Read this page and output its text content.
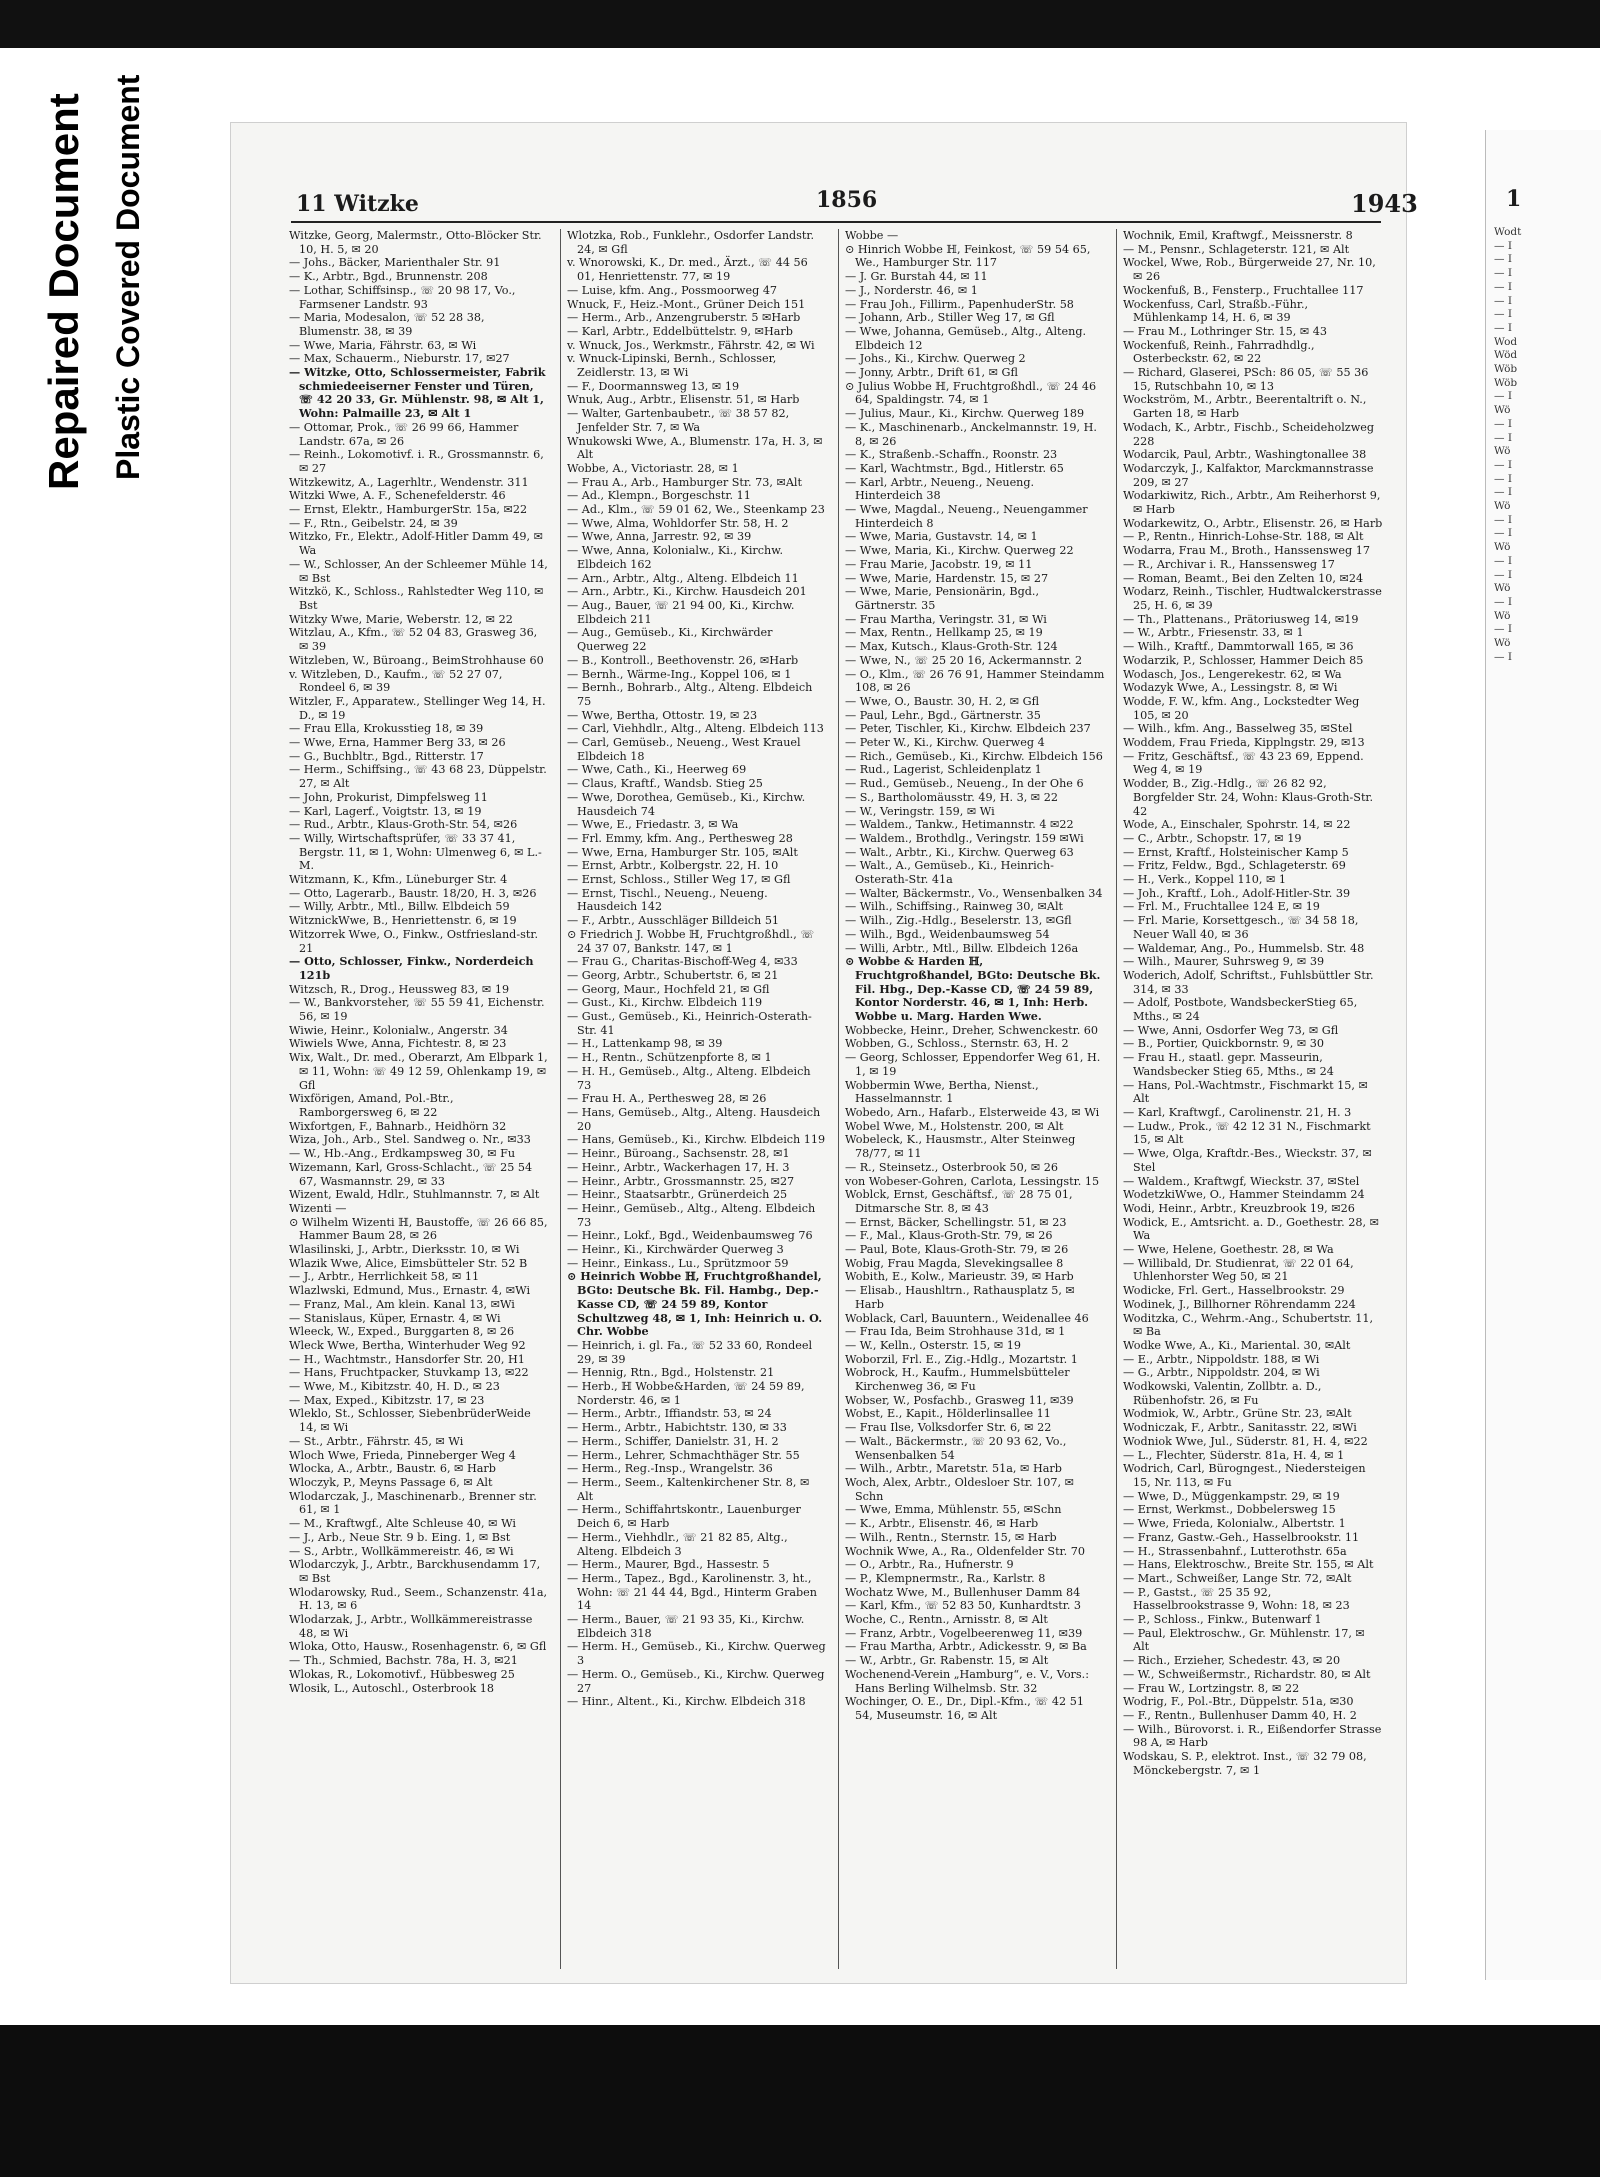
Repaired Document Plastic Covered Document	11 Witzke	1856	1943

Witzke, Georg, Malermstr., Otto-Blöcker Str. 10, H. 5, ✉ 20

— Johs., Bäcker, Marienthaler Str. 91

— K., Arbtr., Bgd., Brunnenstr. 208

— Lothar, Schiffsinsp., ☏ 20 98 17, Vo., Farmsener Landstr. 93

— Maria, Modesalon, ☏ 52 28 38, Blumenstr. 38, ✉ 39

— Wwe, Maria, Fährstr. 63, ✉ Wi

— Max, Schauerm., Nieburstr. 17, ✉27

— Witzke, Otto, Schlossermeister, Fabrik schmiedeeiserner Fenster und Türen, ☏ 42 20 33, Gr. Mühlenstr. 98, ✉ Alt 1, Wohn: Palmaille 23, ✉ Alt 1

— Ottomar, Prok., ☏ 26 99 66, Hammer Landstr. 67a, ✉ 26

— Reinh., Lokomotivf. i. R., Grossmannstr. 6, ✉ 27

Witzkewitz, A., Lagerhltr., Wendenstr. 311

Witzki Wwe, A. F., Schenefelderstr. 46

— Ernst, Elektr., HamburgerStr. 15a, ✉22

— F., Rtn., Geibelstr. 24, ✉ 39

Witzko, Fr., Elektr., Adolf-Hitler Damm 49, ✉ Wa

— W., Schlosser, An der Schleemer Mühle 14, ✉ Bst

Witzkö, K., Schloss., Rahlstedter Weg 110, ✉ Bst

Witzky Wwe, Marie, Weberstr. 12, ✉ 22

Witzlau, A., Kfm., ☏ 52 04 83, Grasweg 36, ✉ 39

Witzleben, W., Büroang., BeimStrohhause 60

v. Witzleben, D., Kaufm., ☏ 52 27 07, Rondeel 6, ✉ 39

Witzler, F., Apparatew., Stellinger Weg 14, H. D., ✉ 19

— Frau Ella, Krokusstieg 18, ✉ 39

— Wwe, Erna, Hammer Berg 33, ✉ 26

— G., Buchbltr., Bgd., Ritterstr. 17

— Herm., Schiffsing., ☏ 43 68 23, Düppelstr. 27, ✉ Alt

— John, Prokurist, Dimpfelsweg 11

— Karl, Lagerf., Voigtstr. 13, ✉ 19

— Rud., Arbtr., Klaus-Groth-Str. 54, ✉26

— Willy, Wirtschaftsprüfer, ☏ 33 37 41, Bergstr. 11, ✉ 1, Wohn: Ulmenweg 6, ✉ L.-M.

Witzmann, K., Kfm., Lüneburger Str. 4

— Otto, Lagerarb., Baustr. 18/20, H. 3, ✉26

— Willy, Arbtr., Mtl., Billw. Elbdeich 59

WitznickWwe, B., Henriettenstr. 6, ✉ 19

Witzorrek Wwe, O., Finkw., Ostfriesland-str. 21

— Otto, Schlosser, Finkw., Norderdeich 121b

Witzsch, R., Drog., Heussweg 83, ✉ 19

— W., Bankvorsteher, ☏ 55 59 41, Eichenstr. 56, ✉ 19

Wiwie, Heinr., Kolonialw., Angerstr. 34

Wiwiels Wwe, Anna, Fichtestr. 8, ✉ 23

Wix, Walt., Dr. med., Oberarzt, Am Elbpark 1, ✉ 11, Wohn: ☏ 49 12 59, Ohlenkamp 19, ✉ Gfl

Wixförigen, Amand, Pol.-Btr., Ramborgersweg 6, ✉ 22

Wixfortgen, F., Bahnarb., Heidhörn 32

Wiza, Joh., Arb., Stel. Sandweg o. Nr., ✉33

— W., Hb.-Ang., Erdkampsweg 30, ✉ Fu

Wizemann, Karl, Gross-Schlacht., ☏ 25 54 67, Wasmannstr. 29, ✉ 33

Wizent, Ewald, Hdlr., Stuhlmannstr. 7, ✉ Alt

Wizenti —

⊙ Wilhelm Wizenti ℍ, Baustoffe, ☏ 26 66 85, Hammer Baum 28, ✉ 26

Wlasilinski, J., Arbtr., Dierksstr. 10, ✉ Wi

Wlazik Wwe, Alice, Eimsbütteler Str. 52 B

— J., Arbtr., Herrlichkeit 58, ✉ 11

Wlazlwski, Edmund, Mus., Ernastr. 4, ✉Wi

— Franz, Mal., Am klein. Kanal 13, ✉Wi

— Stanislaus, Küper, Ernastr. 4, ✉ Wi

Wleeck, W., Exped., Burggarten 8, ✉ 26

Wleck Wwe, Bertha, Winterhuder Weg 92

— H., Wachtmstr., Hansdorfer Str. 20, H1

— Hans, Fruchtpacker, Stuvkamp 13, ✉22

— Wwe, M., Kibitzstr. 40, H. D., ✉ 23

— Max, Exped., Kibitzstr. 17, ✉ 23

Wleklo, St., Schlosser, SiebenbrüderWeide 14, ✉ Wi

— St., Arbtr., Fährstr. 45, ✉ Wi

Wloch Wwe, Frieda, Pinneberger Weg 4

Wlocka, A., Arbtr., Baustr. 6, ✉ Harb

Wloczyk, P., Meyns Passage 6, ✉ Alt

Wlodarczak, J., Maschinenarb., Brenner str. 61, ✉ 1

— M., Kraftwgf., Alte Schleuse 40, ✉ Wi

— J., Arb., Neue Str. 9 b. Eing. 1, ✉ Bst

— S., Arbtr., Wollkämmereistr. 46, ✉ Wi

Wlodarczyk, J., Arbtr., Barckhusendamm 17, ✉ Bst

Wlodarowsky, Rud., Seem., Schanzenstr. 41a, H. 13, ✉ 6

Wlodarzak, J., Arbtr., Wollkämmereistrasse 48, ✉ Wi

Wloka, Otto, Hausw., Rosenhagenstr. 6, ✉ Gfl

— Th., Schmied, Bachstr. 78a, H. 3, ✉21

Wlokas, R., Lokomotivf., Hübbesweg 25

Wlosik, L., Autoschl., Osterbrook 18

Wlotzka, Rob., Funklehr., Osdorfer Landstr. 24, ✉ Gfl

v. Wnorowski, K., Dr. med., Ärzt., ☏ 44 56 01, Henriettenstr. 77, ✉ 19

— Luise, kfm. Ang., Possmoorweg 47

Wnuck, F., Heiz.-Mont., Grüner Deich 151

— Herm., Arb., Anzengruberstr. 5 ✉Harb

— Karl, Arbtr., Eddelbüttelstr. 9, ✉Harb

v. Wnuck, Jos., Werkmstr., Fährstr. 42, ✉ Wi

v. Wnuck-Lipinski, Bernh., Schlosser, Zeidlerstr. 13, ✉ Wi

— F., Doormannsweg 13, ✉ 19

Wnuk, Aug., Arbtr., Elisenstr. 51, ✉ Harb

— Walter, Gartenbaubetr., ☏ 38 57 82, Jenfelder Str. 7, ✉ Wa

Wnukowski Wwe, A., Blumenstr. 17a, H. 3, ✉ Alt

Wobbe, A., Victoriastr. 28, ✉ 1

— Frau A., Arb., Hamburger Str. 73, ✉Alt

— Ad., Klempn., Borgeschstr. 11

— Ad., Klm., ☏ 59 01 62, We., Steenkamp 23

— Wwe, Alma, Wohldorfer Str. 58, H. 2

— Wwe, Anna, Jarrestr. 92, ✉ 39

— Wwe, Anna, Kolonialw., Ki., Kirchw. Elbdeich 162

— Arn., Arbtr., Altg., Alteng. Elbdeich 11

— Arn., Arbtr., Ki., Kirchw. Hausdeich 201

— Aug., Bauer, ☏ 21 94 00, Ki., Kirchw. Elbdeich 211

— Aug., Gemüseb., Ki., Kirchwärder Querweg 22

— B., Kontroll., Beethovenstr. 26, ✉Harb

— Bernh., Wärme-Ing., Koppel 106, ✉ 1

— Bernh., Bohrarb., Altg., Alteng. Elbdeich 75

— Wwe, Bertha, Ottostr. 19, ✉ 23

— Carl, Viehhdlr., Altg., Alteng. Elbdeich 113

— Carl, Gemüseb., Neueng., West Krauel Elbdeich 18

— Wwe, Cath., Ki., Heerweg 69

— Claus, Kraftf., Wandsb. Stieg 25

— Wwe, Dorothea, Gemüseb., Ki., Kirchw. Hausdeich 74

— Wwe, E., Friedastr. 3, ✉ Wa

— Frl. Emmy, kfm. Ang., Perthesweg 28

— Wwe, Erna, Hamburger Str. 105, ✉Alt

— Ernst, Arbtr., Kolbergstr. 22, H. 10

— Ernst, Schloss., Stiller Weg 17, ✉ Gfl

— Ernst, Tischl., Neueng., Neueng. Hausdeich 142

— F., Arbtr., Ausschläger Billdeich 51

⊙ Friedrich J. Wobbe ℍ, Fruchtgroßhdl., ☏ 24 37 07, Bankstr. 147, ✉ 1

— Frau G., Charitas-Bischoff-Weg 4, ✉33

— Georg, Arbtr., Schubertstr. 6, ✉ 21

— Georg, Maur., Hochfeld 21, ✉ Gfl

— Gust., Ki., Kirchw. Elbdeich 119

— Gust., Gemüseb., Ki., Heinrich-Osterath-Str. 41

— H., Lattenkamp 98, ✉ 39

— H., Rentn., Schützenpforte 8, ✉ 1

— H. H., Gemüseb., Altg., Alteng. Elbdeich 73

— Frau H. A., Perthesweg 28, ✉ 26

— Hans, Gemüseb., Altg., Alteng. Hausdeich 20

— Hans, Gemüseb., Ki., Kirchw. Elbdeich 119

— Heinr., Büroang., Sachsenstr. 28, ✉1

— Heinr., Arbtr., Wackerhagen 17, H. 3

— Heinr., Arbtr., Grossmannstr. 25, ✉27

— Heinr., Staatsarbtr., Grünerdeich 25

— Heinr., Gemüseb., Altg., Alteng. Elbdeich 73

— Heinr., Lokf., Bgd., Weidenbaumsweg 76

— Heinr., Ki., Kirchwärder Querweg 3

— Heinr., Einkass., Lu., Sprützmoor 59

⊙ Heinrich Wobbe ℍ, Fruchtgroßhandel, BGto: Deutsche Bk. Fil. Hambg., Dep.-Kasse CD, ☏ 24 59 89, Kontor Schultzweg 48, ✉ 1, Inh: Heinrich u. O. Chr. Wobbe

— Heinrich, i. gl. Fa., ☏ 52 33 60, Rondeel 29, ✉ 39

— Hennig, Rtn., Bgd., Holstenstr. 21

— Herb., ℍ Wobbe&Harden, ☏ 24 59 89, Norderstr. 46, ✉ 1

— Herm., Arbtr., Iffiandstr. 53, ✉ 24

— Herm., Arbtr., Habichtstr. 130, ✉ 33

— Herm., Schiffer, Danielstr. 31, H. 2

— Herm., Lehrer, Schmachthäger Str. 55

— Herm., Reg.-Insp., Wrangelstr. 36

— Herm., Seem., Kaltenkirchener Str. 8, ✉ Alt

— Herm., Schiffahrtskontr., Lauenburger Deich 6, ✉ Harb

— Herm., Viehhdlr., ☏ 21 82 85, Altg., Alteng. Elbdeich 3

— Herm., Maurer, Bgd., Hassestr. 5

— Herm., Tapez., Bgd., Karolinenstr. 3, ht., Wohn: ☏ 21 44 44, Bgd., Hinterm Graben 14

— Herm., Bauer, ☏ 21 93 35, Ki., Kirchw. Elbdeich 318

— Herm. H., Gemüseb., Ki., Kirchw. Querweg 3

— Herm. O., Gemüseb., Ki., Kirchw. Querweg 27

— Hinr., Altent., Ki., Kirchw. Elbdeich 318

Wobbe —

⊙ Hinrich Wobbe ℍ, Feinkost, ☏ 59 54 65, We., Hamburger Str. 117

— J. Gr. Burstah 44, ✉ 11

— J., Norderstr. 46, ✉ 1

— Frau Joh., Fillirm., PapenhuderStr. 58

— Johann, Arb., Stiller Weg 17, ✉ Gfl

— Wwe, Johanna, Gemüseb., Altg., Alteng. Elbdeich 12

— Johs., Ki., Kirchw. Querweg 2

— Jonny, Arbtr., Drift 61, ✉ Gfl

⊙ Julius Wobbe ℍ, Fruchtgroßhdl., ☏ 24 46 64, Spaldingstr. 74, ✉ 1

— Julius, Maur., Ki., Kirchw. Querweg 189

— K., Maschinenarb., Anckelmannstr. 19, H. 8, ✉ 26

— K., Straßenb.-Schaffn., Roonstr. 23

— Karl, Wachtmstr., Bgd., Hitlerstr. 65

— Karl, Arbtr., Neueng., Neueng. Hinterdeich 38

— Wwe, Magdal., Neueng., Neuengammer Hinterdeich 8

— Wwe, Maria, Gustavstr. 14, ✉ 1

— Wwe, Maria, Ki., Kirchw. Querweg 22

— Frau Marie, Jacobstr. 19, ✉ 11

— Wwe, Marie, Hardenstr. 15, ✉ 27

— Wwe, Marie, Pensionärin, Bgd., Gärtnerstr. 35

— Frau Martha, Veringstr. 31, ✉ Wi

— Max, Rentn., Hellkamp 25, ✉ 19

— Max, Kutsch., Klaus-Groth-Str. 124

— Wwe, N., ☏ 25 20 16, Ackermannstr. 2

— O., Klm., ☏ 26 76 91, Hammer Steindamm 108, ✉ 26

— Wwe, O., Baustr. 30, H. 2, ✉ Gfl

— Paul, Lehr., Bgd., Gärtnerstr. 35

— Peter, Tischler, Ki., Kirchw. Elbdeich 237

— Peter W., Ki., Kirchw. Querweg 4

— Rich., Gemüseb., Ki., Kirchw. Elbdeich 156

— Rud., Lagerist, Schleidenplatz 1

— Rud., Gemüseb., Neueng., In der Ohe 6

— S., Bartholomäusstr. 49, H. 3, ✉ 22

— W., Veringstr. 159, ✉ Wi

— Waldem., Tankw., Hetimannstr. 4 ✉22

— Waldem., Brothdlg., Veringstr. 159 ✉Wi

— Walt., Arbtr., Ki., Kirchw. Querweg 63

— Walt., A., Gemüseb., Ki., Heinrich-Osterath-Str. 41a

— Walter, Bäckermstr., Vo., Wensenbalken 34

— Wilh., Schiffsing., Rainweg 30, ✉Alt

— Wilh., Zig.-Hdlg., Beselerstr. 13, ✉Gfl

— Wilh., Bgd., Weidenbaumsweg 54

— Willi, Arbtr., Mtl., Billw. Elbdeich 126a

⊙ Wobbe & Harden ℍ, Fruchtgroßhandel, BGto: Deutsche Bk. Fil. Hbg., Dep.-Kasse CD, ☏ 24 59 89, Kontor Norderstr. 46, ✉ 1, Inh: Herb. Wobbe u. Marg. Harden Wwe.

Wobbecke, Heinr., Dreher, Schwenckestr. 60

Wobben, G., Schloss., Sternstr. 63, H. 2

— Georg, Schlosser, Eppendorfer Weg 61, H. 1, ✉ 19

Wobbermin Wwe, Bertha, Nienst., Hasselmannstr. 1

Wobedo, Arn., Hafarb., Elsterweide 43, ✉ Wi

Wobel Wwe, M., Holstenstr. 200, ✉ Alt

Wobeleck, K., Hausmstr., Alter Steinweg 78/77, ✉ 11

— R., Steinsetz., Osterbrook 50, ✉ 26

von Wobeser-Gohren, Carlota, Lessingstr. 15

Woblck, Ernst, Geschäftsf., ☏ 28 75 01, Ditmarsche Str. 8, ✉ 43

— Ernst, Bäcker, Schellingstr. 51, ✉ 23

— F., Mal., Klaus-Groth-Str. 79, ✉ 26

— Paul, Bote, Klaus-Groth-Str. 79, ✉ 26

Wobig, Frau Magda, Slevekingsallee 8

Wobith, E., Kolw., Marieustr. 39, ✉ Harb

— Elisab., Haushltrn., Rathausplatz 5, ✉ Harb

Woblack, Carl, Bauuntern., Weidenallee 46

— Frau Ida, Beim Strohhause 31d, ✉ 1

— W., Kelln., Osterstr. 15, ✉ 19

Woborzil, Frl. E., Zig.-Hdlg., Mozartstr. 1

Wobrock, H., Kaufm., Hummelsbütteler Kirchenweg 36, ✉ Fu

Wobser, W., Posfachb., Grasweg 11, ✉39

Wobst, E., Kapit., Hölderlinsallee 11

— Frau Ilse, Volksdorfer Str. 6, ✉ 22

— Walt., Bäckermstr., ☏ 20 93 62, Vo., Wensenbalken 54

— Wilh., Arbtr., Maretstr. 51a, ✉ Harb

Woch, Alex, Arbtr., Oldesloer Str. 107, ✉ Schn

— Wwe, Emma, Mühlenstr. 55, ✉Schn

— K., Arbtr., Elisenstr. 46, ✉ Harb

— Wilh., Rentn., Sternstr. 15, ✉ Harb

Wochnik Wwe, A., Ra., Oldenfelder Str. 70

— O., Arbtr., Ra., Hufnerstr. 9

— P., Klempnermstr., Ra., Karlstr. 8

Wochatz Wwe, M., Bullenhuser Damm 84

— Karl, Kfm., ☏ 52 83 50, Kunhardtstr. 3

Woche, C., Rentn., Arnisstr. 8, ✉ Alt

— Franz, Arbtr., Vogelbeerenweg 11, ✉39

— Frau Martha, Arbtr., Adickesstr. 9, ✉ Ba

— W., Arbtr., Gr. Rabenstr. 15, ✉ Alt

Wochenend-Verein „Hamburg“, e. V., Vors.: Hans Berling Wilhelmsb. Str. 32

Wochinger, O. E., Dr., Dipl.-Kfm., ☏ 42 51 54, Museumstr. 16, ✉ Alt

Wochnik, Emil, Kraftwgf., Meissnerstr. 8

— M., Pensnr., Schlageterstr. 121, ✉ Alt

Wockel, Wwe, Rob., Bürgerweide 27, Nr. 10, ✉ 26

Wockenfuß, B., Fensterp., Fruchtallee 117

Wockenfuss, Carl, Straßb.-Führ., Mühlenkamp 14, H. 6, ✉ 39

— Frau M., Lothringer Str. 15, ✉ 43

Wockenfuß, Reinh., Fahrradhdlg., Osterbeckstr. 62, ✉ 22

— Richard, Glaserei, PSch: 86 05, ☏ 55 36 15, Rutschbahn 10, ✉ 13

Wockström, M., Arbtr., Beerentaltrift o. N., Garten 18, ✉ Harb

Wodach, K., Arbtr., Fischb., Scheideholzweg 228

Wodarcik, Paul, Arbtr., Washingtonallee 38

Wodarczyk, J., Kalfaktor, Marckmannstrasse 209, ✉ 27

Wodarkiwitz, Rich., Arbtr., Am Reiherhorst 9, ✉ Harb

Wodarkewitz, O., Arbtr., Elisenstr. 26, ✉ Harb

— P., Rentn., Hinrich-Lohse-Str. 188, ✉ Alt

Wodarra, Frau M., Broth., Hanssensweg 17

— R., Archivar i. R., Hanssensweg 17

— Roman, Beamt., Bei den Zelten 10, ✉24

Wodarz, Reinh., Tischler, Hudtwalckerstrasse 25, H. 6, ✉ 39

— Th., Plattenans., Prätoriusweg 14, ✉19

— W., Arbtr., Friesenstr. 33, ✉ 1

— Wilh., Kraftf., Dammtorwall 165, ✉ 36

Wodarzik, P., Schlosser, Hammer Deich 85

Wodasch, Jos., Lengerekestr. 62, ✉ Wa

Wodazyk Wwe, A., Lessingstr. 8, ✉ Wi

Wodde, F. W., kfm. Ang., Lockstedter Weg 105, ✉ 20

— Wilh., kfm. Ang., Basselweg 35, ✉Stel

Woddem, Frau Frieda, Kipplngstr. 29, ✉13

— Fritz, Geschäftsf., ☏ 43 23 69, Eppend. Weg 4, ✉ 19

Wodder, B., Zig.-Hdlg., ☏ 26 82 92, Borgfelder Str. 24, Wohn: Klaus-Groth-Str. 42

Wode, A., Einschaler, Spohrstr. 14, ✉ 22

— C., Arbtr., Schopstr. 17, ✉ 19

— Ernst, Kraftf., Holsteinischer Kamp 5

— Fritz, Feldw., Bgd., Schlageterstr. 69

— H., Verk., Koppel 110, ✉ 1

— Joh., Kraftf., Loh., Adolf-Hitler-Str. 39

— Frl. M., Fruchtallee 124 E, ✉ 19

— Frl. Marie, Korsettgesch., ☏ 34 58 18, Neuer Wall 40, ✉ 36

— Waldemar, Ang., Po., Hummelsb. Str. 48

— Wilh., Maurer, Suhrsweg 9, ✉ 39

Woderich, Adolf, Schriftst., Fuhlsbüttler Str. 314, ✉ 33

— Adolf, Postbote, WandsbeckerStieg 65, Mths., ✉ 24

— Wwe, Anni, Osdorfer Weg 73, ✉ Gfl

— B., Portier, Quickbornstr. 9, ✉ 30

— Frau H., staatl. gepr. Masseurin, Wandsbecker Stieg 65, Mths., ✉ 24

— Hans, Pol.-Wachtmstr., Fischmarkt 15, ✉ Alt

— Karl, Kraftwgf., Carolinenstr. 21, H. 3

— Ludw., Prok., ☏ 42 12 31 N., Fischmarkt 15, ✉ Alt

— Wwe, Olga, Kraftdr.-Bes., Wieckstr. 37, ✉ Stel

— Waldem., Kraftwgf, Wieckstr. 37, ✉Stel

WodetzkiWwe, O., Hammer Steindamm 24

Wodi, Heinr., Arbtr., Kreuzbrook 19, ✉26

Wodick, E., Amtsricht. a. D., Goethestr. 28, ✉ Wa

— Wwe, Helene, Goethestr. 28, ✉ Wa

— Willibald, Dr. Studienrat, ☏ 22 01 64, Uhlenhorster Weg 50, ✉ 21

Wodicke, Frl. Gert., Hasselbrookstr. 29

Wodinek, J., Billhorner Röhrendamm 224

Woditzka, C., Wehrm.-Ang., Schubertstr. 11, ✉ Ba

Wodke Wwe, A., Ki., Mariental. 30, ✉Alt

— E., Arbtr., Nippoldstr. 188, ✉ Wi

— G., Arbtr., Nippoldstr. 204, ✉ Wi

Wodkowski, Valentin, Zollbtr. a. D., Rübenhofstr. 26, ✉ Fu

Wodmiok, W., Arbtr., Grüne Str. 23, ✉Alt

Wodniczak, F., Arbtr., Sanitasstr. 22, ✉Wi

Wodniok Wwe, Jul., Süderstr. 81, H. 4, ✉22

— L., Flechter, Süderstr. 81a, H. 4, ✉ 1

Wodrich, Carl, Bürogngest., Niedersteigen 15, Nr. 113, ✉ Fu

— Wwe, D., Müggenkampstr. 29, ✉ 19

— Ernst, Werkmst., Dobbelersweg 15

— Wwe, Frieda, Kolonialw., Albertstr. 1

— Franz, Gastw.-Geh., Hasselbrookstr. 11

— H., Strassenbahnf., Lutterothstr. 65a

— Hans, Elektroschw., Breite Str. 155, ✉ Alt

— Mart., Schweißer, Lange Str. 72, ✉Alt

— P., Gastst., ☏ 25 35 92, Hasselbrookstrasse 9, Wohn: 18, ✉ 23

— P., Schloss., Finkw., Butenwarf 1

— Paul, Elektroschw., Gr. Mühlenstr. 17, ✉ Alt

— Rich., Erzieher, Schedestr. 43, ✉ 20

— W., Schweißermstr., Richardstr. 80, ✉ Alt

— Frau W., Lortzingstr. 8, ✉ 22

Wodrig, F., Pol.-Btr., Düppelstr. 51a, ✉30

— F., Rentn., Bullenhuser Damm 40, H. 2

— Wilh., Bürovorst. i. R., Eißendorfer Strasse 98 A, ✉ Harb

Wodskau, S. P., elektrot. Inst., ☏ 32 79 08, Mönckebergstr. 7, ✉ 1

1
Wodt
— I
— I
— I
— I
— I
— I
— I
Wod
Wöd
Wöb
Wöb
— I
Wö
— I
— I
Wö
— I
— I
— I
Wö
— I
— I
Wö
— I
— I
Wö
— I
Wö
— I
Wö
— I
